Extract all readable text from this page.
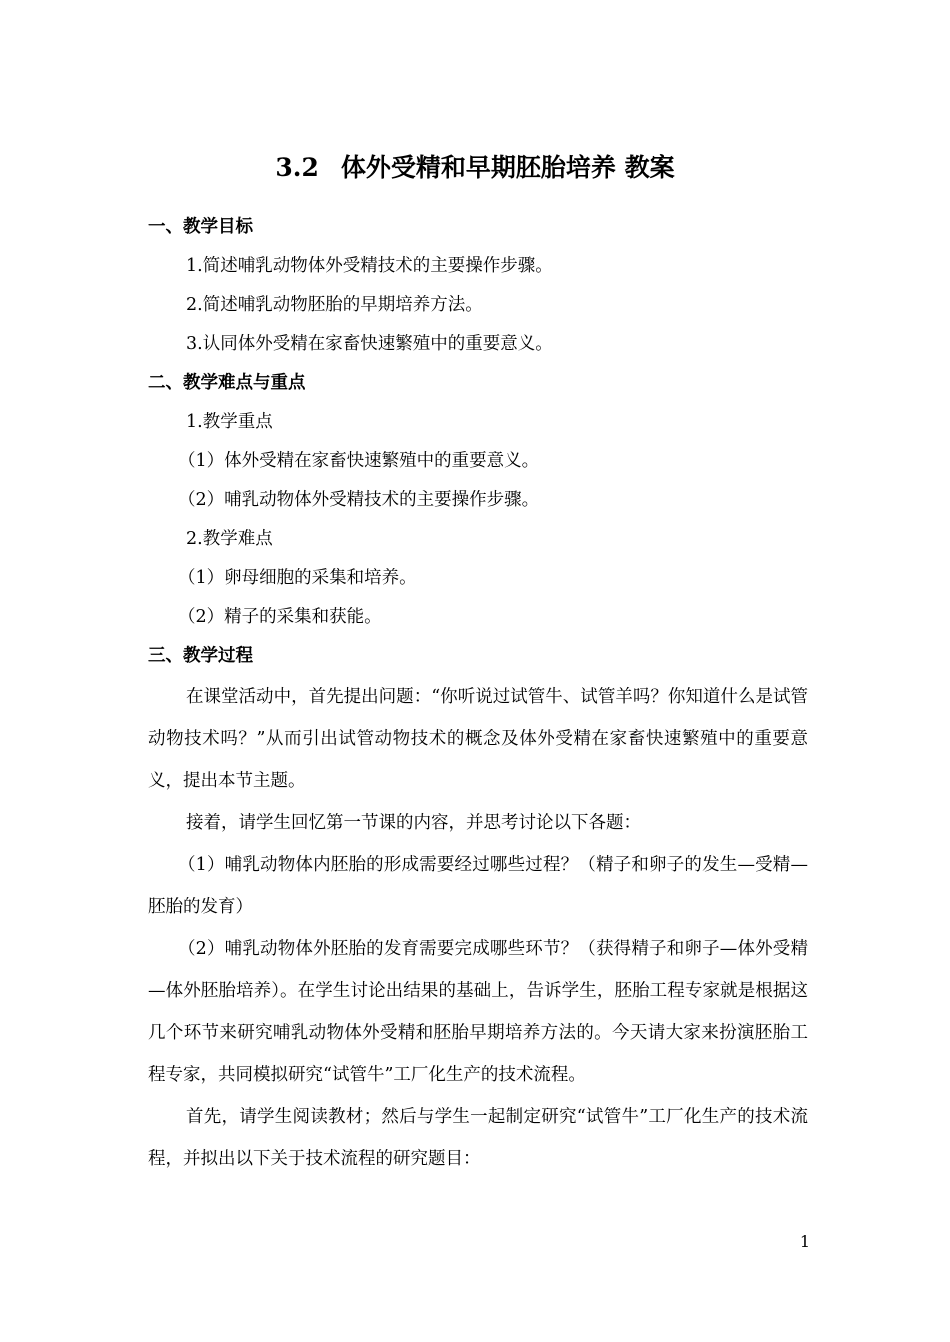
3.2 体外受精和早期胚胎培养 教案
一、教学目标
1.简述哺乳动物体外受精技术的主要操作步骤。
2.简述哺乳动物胚胎的早期培养方法。
3.认同体外受精在家畜快速繁殖中的重要意义。
二、教学难点与重点
1.教学重点
（1）体外受精在家畜快速繁殖中的重要意义。
（2）哺乳动物体外受精技术的主要操作步骤。
2.教学难点
（1）卵母细胞的采集和培养。
（2）精子的采集和获能。
三、教学过程

在课堂活动中，首先提出问题：“你听说过试管牛、试管羊吗？你知道什么是试管动物技术吗？”从而引出试管动物技术的概念及体外受精在家畜快速繁殖中的重要意义，提出本节主题。

接着，请学生回忆第一节课的内容，并思考讨论以下各题：

（1）哺乳动物体内胚胎的形成需要经过哪些过程？（精子和卵子的发生—受精—胚胎的发育）

（2）哺乳动物体外胚胎的发育需要完成哪些环节？（获得精子和卵子—体外受精—体外胚胎培养）。在学生讨论出结果的基础上，告诉学生，胚胎工程专家就是根据这几个环节来研究哺乳动物体外受精和胚胎早期培养方法的。今天请大家来扮演胚胎工程专家，共同模拟研究“试管牛”工厂化生产的技术流程。

首先，请学生阅读教材；然后与学生一起制定研究“试管牛”工厂化生产的技术流程，并拟出以下关于技术流程的研究题目：

1
